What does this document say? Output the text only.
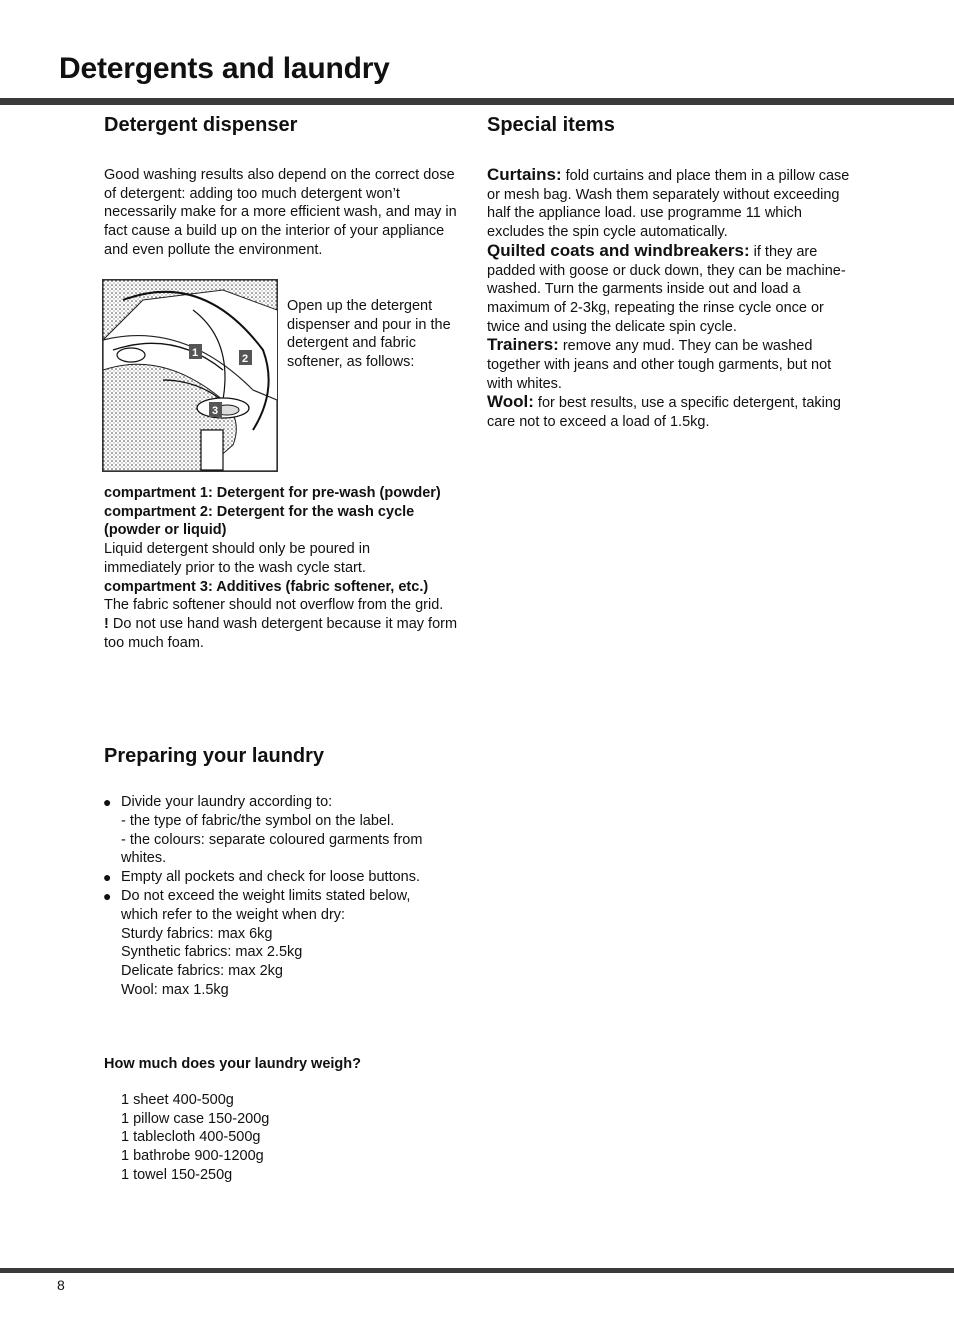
Detergents and laundry
Detergent dispenser
Good washing results also depend on the correct dose of detergent: adding too much detergent won’t necessarily make for a more efficient wash, and may in fact cause a build up on the interior of your appliance and even pollute the environment.
1	2
3
Open up the detergent dispenser and pour in the detergent and fabric softener, as follows:

compartment 1: Detergent for pre-wash (powder)

compartment 2: Detergent for the wash cycle (powder or liquid)

Liquid detergent should only be poured in immediately prior to the wash cycle start.

compartment 3: Additives (fabric softener, etc.)

The fabric softener should not overflow from the grid.

! Do not use hand wash detergent because it may form too much foam.

Preparing your laundry
● Divide your laundry according to:
- the type of fabric/the symbol on the label.
- the colours: separate coloured garments from whites.
● Empty all pockets and check for loose buttons.
● Do not exceed the weight limits stated below, which refer to the weight when dry:
Sturdy fabrics: max 6kg
Synthetic fabrics: max 2.5kg
Delicate fabrics: max 2kg
Wool: max 1.5kg
How much does your laundry weigh?
1 sheet 400-500g
1 pillow case 150-200g
1 tablecloth 400-500g
1 bathrobe 900-1200g
1 towel 150-250g
Special items

Curtains: fold curtains and place them in a pillow case or mesh bag. Wash them separately without exceeding half the appliance load. use programme 11 which excludes the spin cycle automatically.

Quilted coats and windbreakers: if they are padded with goose or duck down, they can be machine-washed. Turn the garments inside out and load a maximum of 2-3kg, repeating the rinse cycle once or twice and using the delicate spin cycle.

Trainers: remove any mud. They can be washed together with jeans and other tough garments, but not with whites.

Wool: for best results, use a specific detergent, taking care not to exceed a load of 1.5kg.

8
